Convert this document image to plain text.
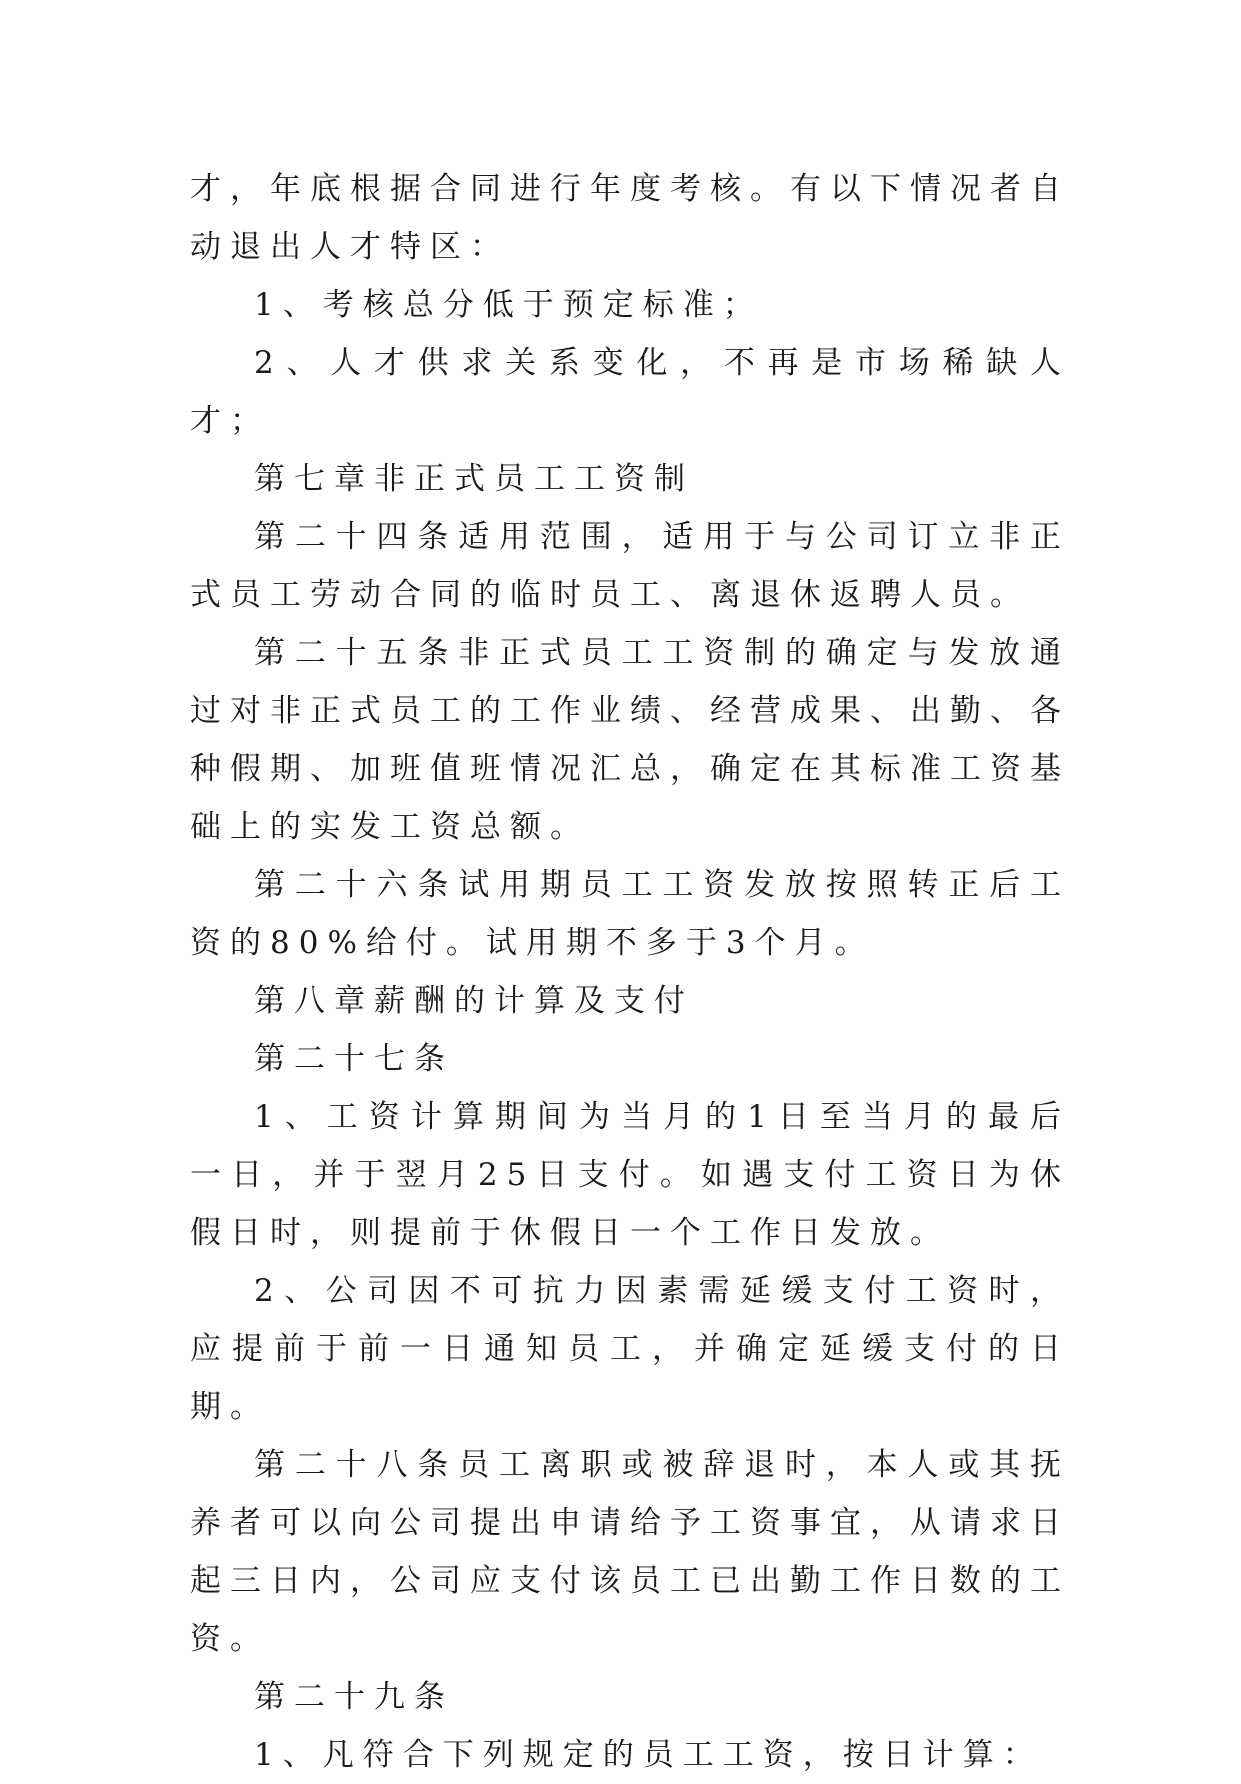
才，年底根据合同进行年度考核。有以下情况者自动退出人才特区：

1、考核总分低于预定标准；

2、人才供求关系变化，不再是市场稀缺人才；

第七章非正式员工工资制

第二十四条适用范围，适用于与公司订立非正式员工劳动合同的临时员工、离退休返聘人员。

第二十五条非正式员工工资制的确定与发放通过对非正式员工的工作业绩、经营成果、出勤、各种假期、加班值班情况汇总，确定在其标准工资基础上的实发工资总额。

第二十六条试用期员工工资发放按照转正后工资的80%给付。试用期不多于3个月。

第八章薪酬的计算及支付

第二十七条

1、工资计算期间为当月的1日至当月的最后一日，并于翌月25日支付。如遇支付工资日为休假日时，则提前于休假日一个工作日发放。

2、公司因不可抗力因素需延缓支付工资时，应提前于前一日通知员工，并确定延缓支付的日期。

第二十八条员工离职或被辞退时，本人或其抚养者可以向公司提出申请给予工资事宜，从请求日起三日内，公司应支付该员工已出勤工作日数的工资。

第二十九条

1、凡符合下列规定的员工工资，按日计算：
